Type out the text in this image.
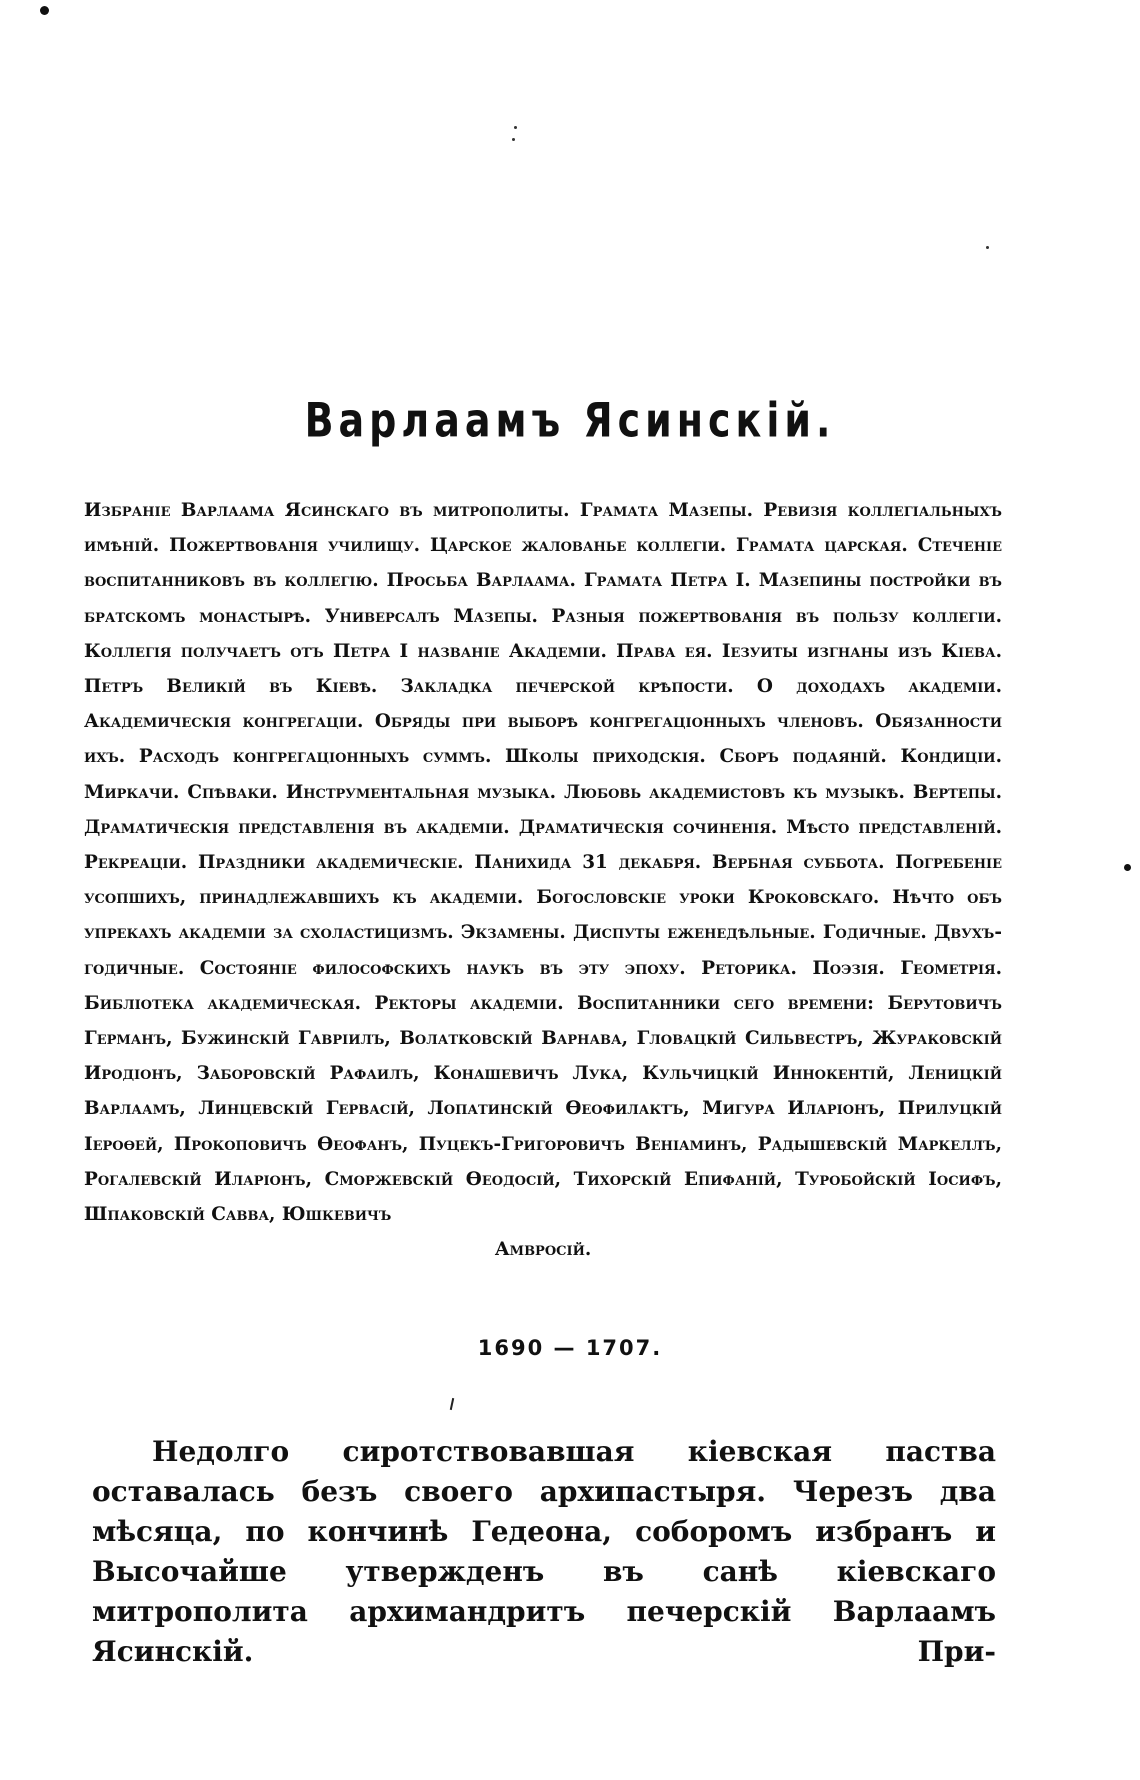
Варлаамъ Ясинскій.

Избраніе Варлаама Ясинскаго въ митрополиты. Грамата Мазепы. Ревизія коллегіальныхъ имѣній. Пожертвованія училищу. Царское жалованье коллегіи. Грамата царская. Стеченіе воспитанниковъ въ коллегію. Просьба Варлаама. Грамата Петра I. Мазепины постройки въ братскомъ монастырѣ. Универсалъ Мазепы. Разныя пожертвованія въ пользу коллегіи. Коллегія получаетъ отъ Петра I названіе Академіи. Права ея. Іезуиты изгнаны изъ Кіева. Петръ Великій въ Кіевѣ. Закладка печерской крѣпости. О доходахъ академіи. Академическія конгрегаціи. Обряды при выборѣ конгрегаціонныхъ членовъ. Обязанности ихъ. Расходъ конгрегаціонныхъ суммъ. Школы приходскія. Сборъ подаяній. Кондиціи. Миркачи. Спѣваки. Инструментальная музыка. Любовь академистовъ къ музыкѣ. Вертепы. Драматическія представленія въ академіи. Драматическія сочиненія. Мѣсто представленій. Рекреаціи. Праздники академическіе. Панихида 31 декабря. Вербная суббота. Погребеніе усопшихъ, принадлежавшихъ къ академіи. Богословскіе уроки Кроковскаго. Нѣчто объ упрекахъ академіи за схоластицизмъ. Экзамены. Диспуты еженедѣльные. Годичные. Двухъ-годичные. Состояніе философскихъ наукъ въ эту эпоху. Реторика. Поэзія. Геометрія. Библіотека академическая. Ректоры академіи. Воспитанники сего времени: Берутовичъ Германъ, Бужинскій Гавріилъ, Волатковскій Варнава, Гловацкій Сильвестръ, Жураковскій Иродіонъ, Заборовскій Рафаилъ, Конашевичъ Лука, Кульчицкій Иннокентій, Леницкій Варлаамъ, Линцевскій Гервасій, Лопатинскій Ѳеофилактъ, Мигура Иларіонъ, Прилуцкій Іероѳей, Прокоповичъ Ѳеофанъ, Пуцекъ-Григоровичъ Веніаминъ, Радышевскій Маркеллъ, Рогалевскій Иларіонъ, Сморжевскій Ѳеодосій, Тихорскій Епифаній, Туробойскій Іосифъ, Шпаковскій Савва, Юшкевичъ
Амвросій.

1690 — 1707.

Недолго сиротствовавшая кіевская паства оставалась безъ своего архипастыря. Черезъ два мѣсяца, по кончинѣ Гедеона, соборомъ избранъ и Высочайше утвержденъ въ санѣ кіевскаго митрополита архимандритъ печерскій Варлаамъ Ясинскій. При-
